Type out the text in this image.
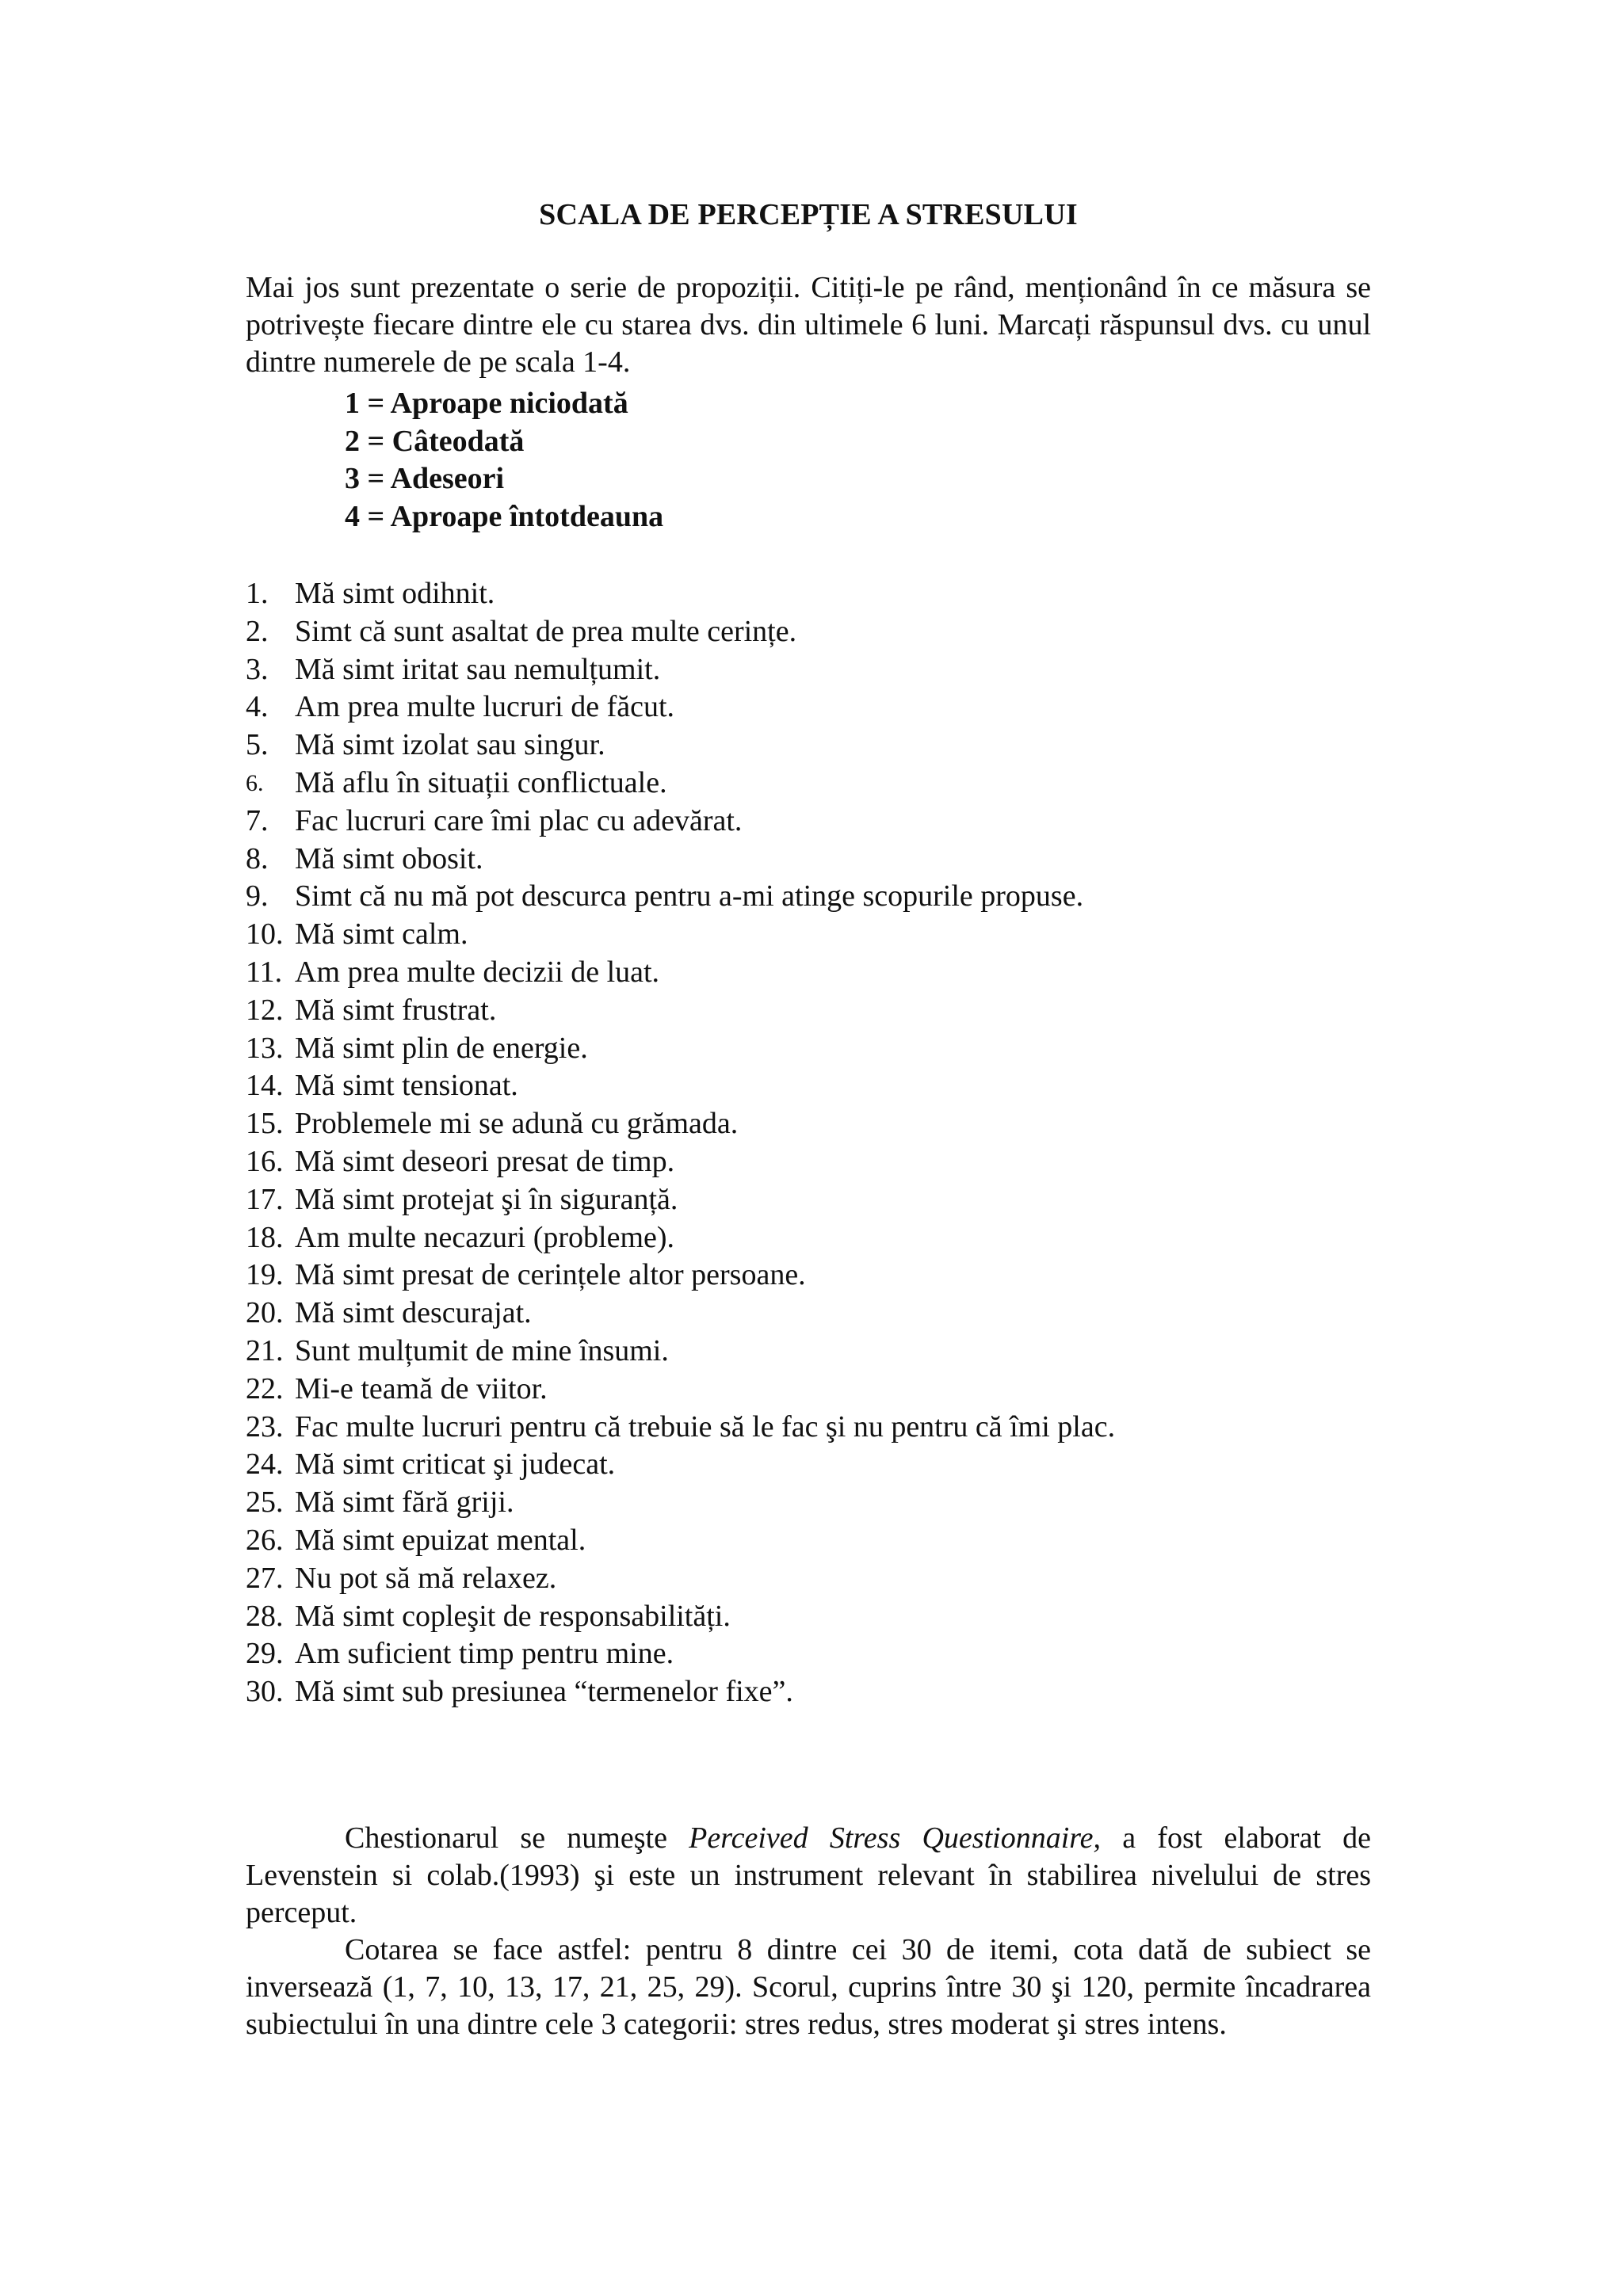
SCALA DE PERCEPȚIE A STRESULUI
Mai jos sunt prezentate o serie de propoziții. Citiți-le pe rând, menționând în ce măsura se potrivește fiecare dintre ele cu starea dvs. din ultimele 6 luni. Marcați răspunsul dvs. cu unul dintre numerele de pe scala 1-4.
1 = Aproape niciodată
2 = Câteodată
3 = Adeseori
4 = Aproape întotdeauna
1. Mă simt odihnit.
2. Simt că sunt asaltat de prea multe cerințe.
3. Mă simt iritat sau nemulțumit.
4. Am prea multe lucruri de făcut.
5. Mă simt izolat sau singur.
6.	Mă aflu în situații conflictuale.
7. Fac lucruri care îmi plac cu adevărat.
8. Mă simt obosit.
9. Simt că nu mă pot descurca pentru a-mi atinge scopurile propuse.
10. Mă simt calm.
11. Am prea multe decizii de luat.
12. Mă simt frustrat.
13. Mă simt plin de energie.
14. Mă simt tensionat.
15. Problemele mi se adună cu grămada.
16. Mă simt deseori presat de timp.
17. Mă simt protejat şi în siguranță.
18. Am multe necazuri (probleme).
19. Mă simt presat de cerințele altor persoane.
20. Mă simt descurajat.
21. Sunt mulțumit de mine însumi.
22. Mi-e teamă de viitor.
23. Fac multe lucruri pentru că trebuie să le fac şi nu pentru că îmi plac.
24. Mă simt criticat şi judecat.
25. Mă simt fără griji.
26. Mă simt epuizat mental.
27. Nu pot să mă relaxez.
28. Mă simt copleşit de responsabilități.
29. Am suficient timp pentru mine.
30. Mă simt sub presiunea “termenelor fixe”.

Chestionarul se numeşte Perceived Stress Questionnaire, a fost elaborat de Levenstein si colab.(1993) şi este un instrument relevant în stabilirea nivelului de stres perceput.

Cotarea se face astfel: pentru 8 dintre cei 30 de itemi, cota dată de subiect se inversează (1, 7, 10, 13, 17, 21, 25, 29). Scorul, cuprins între 30 şi 120, permite încadrarea subiectului în una dintre cele 3 categorii: stres redus, stres moderat şi stres intens.
